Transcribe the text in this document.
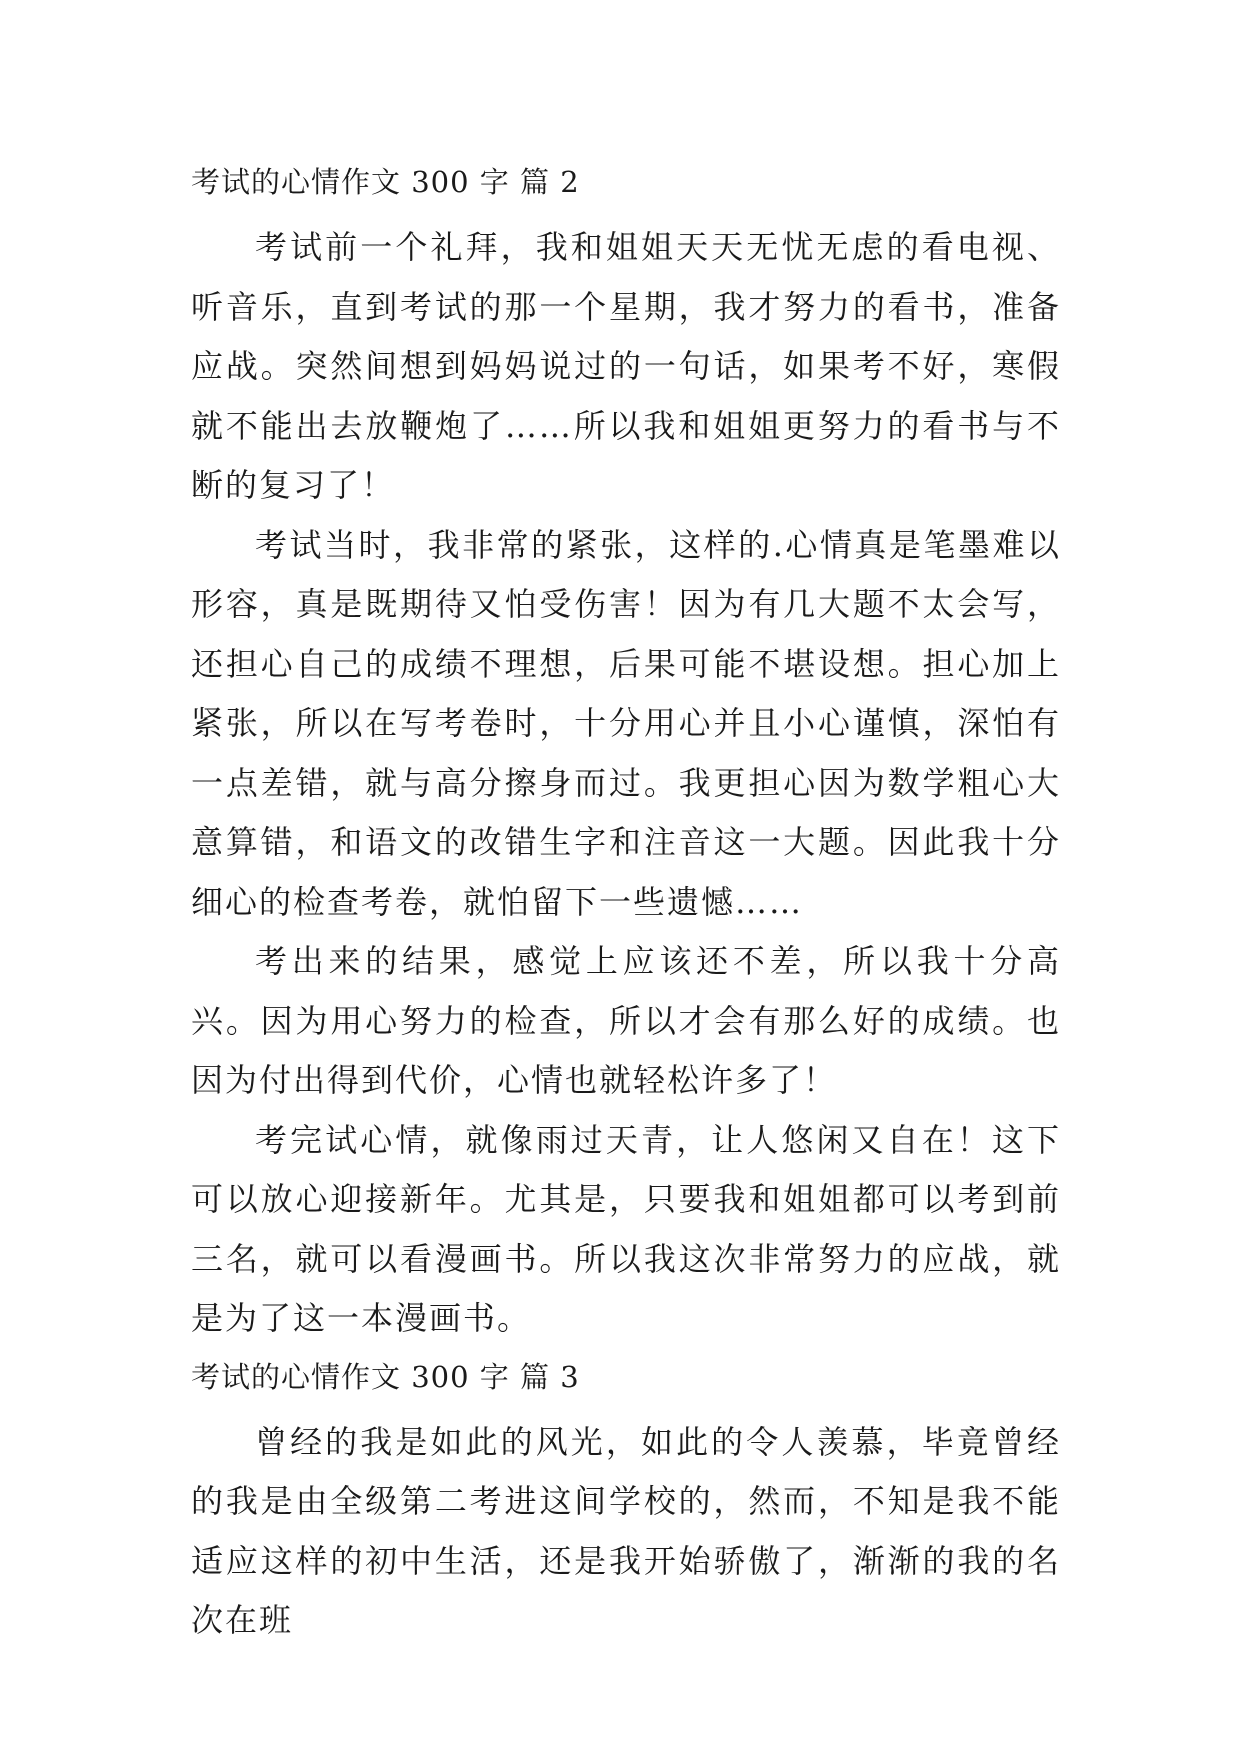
考试的心情作文 300 字 篇 2

考试前一个礼拜，我和姐姐天天无忧无虑的看电视、听音乐，直到考试的那一个星期，我才努力的看书，准备应战。突然间想到妈妈说过的一句话，如果考不好，寒假就不能出去放鞭炮了……所以我和姐姐更努力的看书与不断的复习了！

考试当时，我非常的紧张，这样的.心情真是笔墨难以形容，真是既期待又怕受伤害！因为有几大题不太会写，还担心自己的成绩不理想，后果可能不堪设想。担心加上紧张，所以在写考卷时，十分用心并且小心谨慎，深怕有一点差错，就与高分擦身而过。我更担心因为数学粗心大意算错，和语文的改错生字和注音这一大题。因此我十分细心的检查考卷，就怕留下一些遗憾……

考出来的结果，感觉上应该还不差，所以我十分高兴。因为用心努力的检查，所以才会有那么好的成绩。也因为付出得到代价，心情也就轻松许多了！

考完试心情，就像雨过天青，让人悠闲又自在！这下可以放心迎接新年。尤其是，只要我和姐姐都可以考到前三名，就可以看漫画书。所以我这次非常努力的应战，就是为了这一本漫画书。

考试的心情作文 300 字 篇 3

曾经的我是如此的风光，如此的令人羡慕，毕竟曾经的我是由全级第二考进这间学校的，然而，不知是我不能适应这样的初中生活，还是我开始骄傲了，渐渐的我的名次在班
